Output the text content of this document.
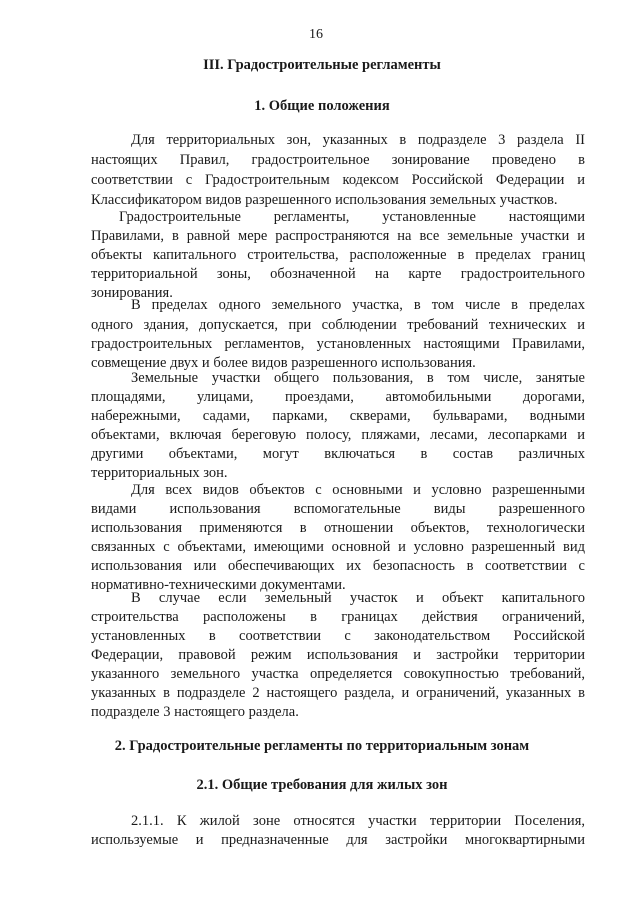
16
III. Градостроительные регламенты
1. Общие положения
Для территориальных зон, указанных в подразделе 3 раздела II
настоящих Правил, градостроительное зонирование проведено в
соответствии с Градостроительным кодексом Российской Федерации и
Классификатором видов разрешенного использования земельных участков.
Градостроительные регламенты, установленные настоящими
Правилами, в равной мере распространяются на все земельные участки и
объекты капитального строительства, расположенные в пределах границ
территориальной зоны, обозначенной на карте градостроительного
зонирования.
В пределах одного земельного участка, в том числе в пределах
одного здания, допускается, при соблюдении требований технических и
градостроительных регламентов, установленных настоящими Правилами,
совмещение двух и более видов разрешенного использования.
Земельные участки общего пользования, в том числе, занятые
площадями, улицами, проездами, автомобильными дорогами,
набережными, садами, парками, скверами, бульварами, водными
объектами, включая береговую полосу, пляжами, лесами, лесопарками и
другими объектами, могут включаться в состав различных
территориальных зон.
Для всех видов объектов с основными и условно разрешенными
видами использования вспомогательные виды разрешенного
использования применяются в отношении объектов, технологически
связанных с объектами, имеющими основной и условно разрешенный вид
использования или обеспечивающих их безопасность в соответствии с
нормативно-техническими документами.
В случае если земельный участок и объект капитального
строительства расположены в границах действия ограничений,
установленных в соответствии с законодательством Российской
Федерации, правовой режим использования и застройки территории
указанного земельного участка определяется совокупностью требований,
указанных в подразделе 2 настоящего раздела, и ограничений, указанных в
подразделе 3 настоящего раздела.
2. Градостроительные регламенты по территориальным зонам
2.1. Общие требования для жилых зон
2.1.1. К жилой зоне относятся участки территории Поселения,
используемые и предназначенные для застройки многоквартирными
